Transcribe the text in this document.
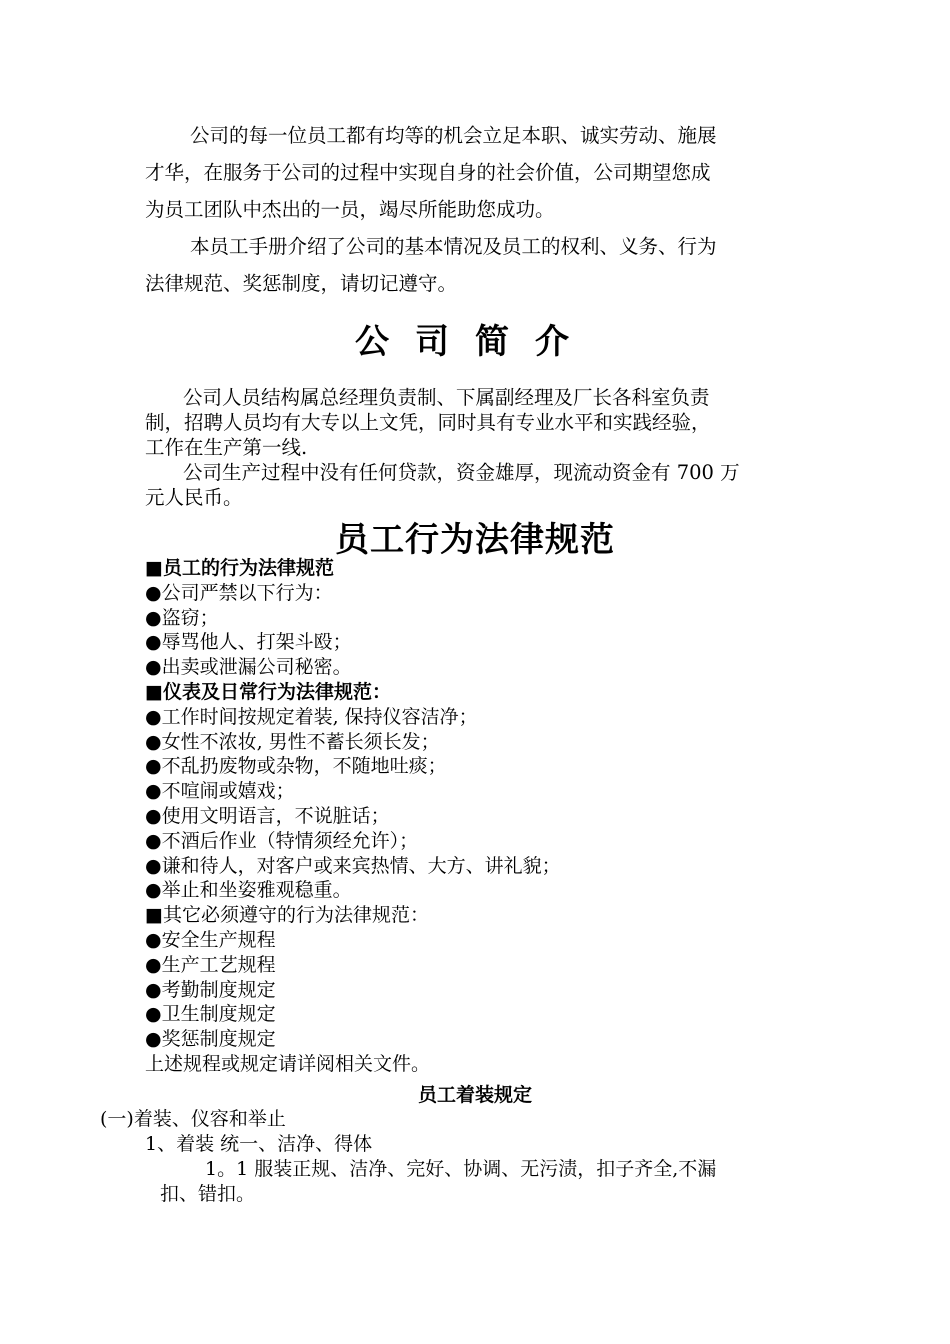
公司的每一位员工都有均等的机会立足本职、诚实劳动、施展
才华，在服务于公司的过程中实现自身的社会价值，公司期望您成
为员工团队中杰出的一员，竭尽所能助您成功。
本员工手册介绍了公司的基本情况及员工的权利、义务、行为
法律规范、奖惩制度，请切记遵守。
公司简介
公司人员结构属总经理负责制、下属副经理及厂长各科室负责
制，招聘人员均有大专以上文凭，同时具有专业水平和实践经验，
工作在生产第一线.
公司生产过程中没有任何贷款，资金雄厚，现流动资金有 700 万
元人民币。
员工行为法律规范
■员工的行为法律规范
●公司严禁以下行为：
●盗窃；
●辱骂他人、打架斗殴；
●出卖或泄漏公司秘密。
■仪表及日常行为法律规范：
●工作时间按规定着装, 保持仪容洁净；
●女性不浓妆, 男性不蓄长须长发；
●不乱扔废物或杂物，不随地吐痰；
●不喧闹或嬉戏；
●使用文明语言，不说脏话；
●不酒后作业（特情须经允许）；
●谦和待人，对客户或来宾热情、大方、讲礼貌；
●举止和坐姿雅观稳重。
■其它必须遵守的行为法律规范：
●安全生产规程
●生产工艺规程
●考勤制度规定
●卫生制度规定
●奖惩制度规定
上述规程或规定请详阅相关文件。
员工着装规定
(一)着装、仪容和举止
1、着装 统一、洁净、得体
1。1 服装正规、洁净、完好、协调、无污渍，扣子齐全,不漏
扣、错扣。
